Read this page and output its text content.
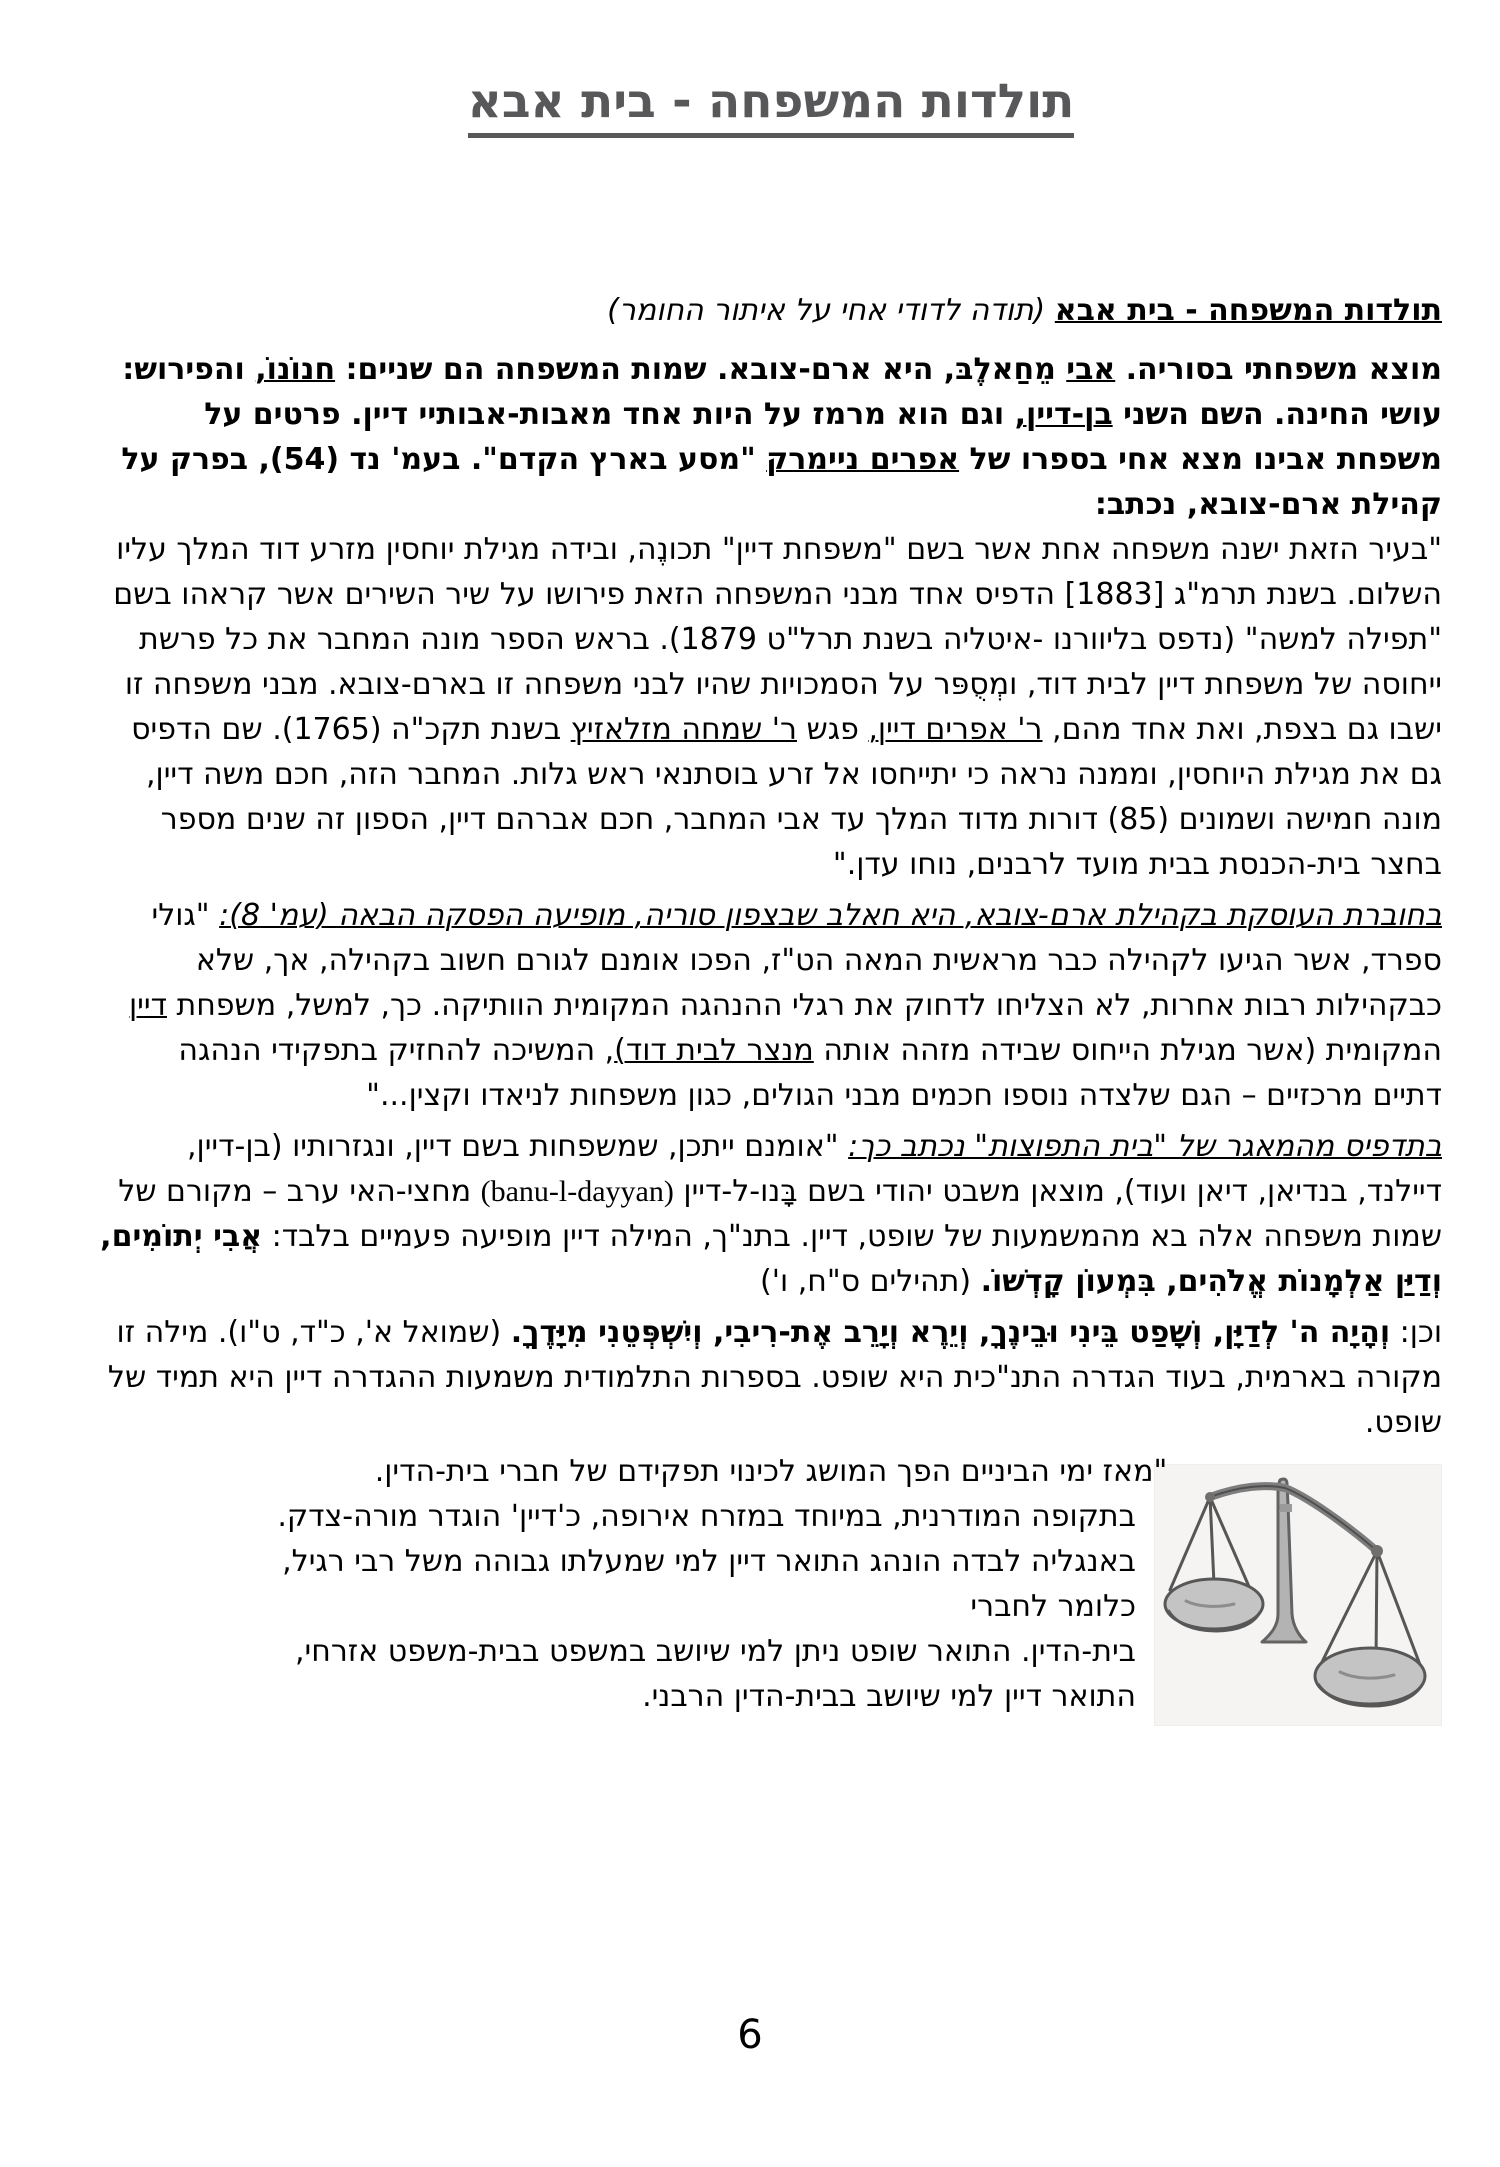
תולדות המשפחה - בית אבא
תולדות המשפחה - בית אבא (תודה לדודי אחי על איתור החומר)

מוצא משפחתי בסוריה. אבי מֵחַאלֶבּ, היא ארם-צובא. שמות המשפחה הם שניים: חנוֹנוֹ, והפירוש: עושי החינה. השם השני בן-דיין, וגם הוא מרמז על היות אחד מאבות-אבותיי דיין. פרטים על משפחת אבינו מצא אחי בספרו של אפרים ניימרק "מסע בארץ הקדם". בעמ' נד (54), בפרק על קהילת ארם-צובא, נכתב:

"בעיר הזאת ישנה משפחה אחת אשר בשם "משפחת דיין" תכונֶה, ובידה מגילת יוחסין מזרע דוד המלך עליו השלום. בשנת תרמ"ג [1883] הדפיס אחד מבני המשפחה הזאת פירושו על שיר השירים אשר קראהו בשם "תפילה למשה" (נדפס בליוורנו -איטליה בשנת תרל"ט 1879). בראש הספר מונה המחבר את כל פרשת ייחוסה של משפחת דיין לבית דוד, ומְסֻפּר על הסמכויות שהיו לבני משפחה זו בארם-צובא. מבני משפחה זו ישבו גם בצפת, ואת אחד מהם, ר' אפרים דיין, פגש ר' שמחה מזלאזיץ בשנת תקכ"ה (1765). שם הדפיס גם את מגילת היוחסין, וממנה נראה כי יתייחסו אל זרע בוסתנאי ראש גלות. המחבר הזה, חכם משה דיין, מונה חמישה ושמונים (85) דורות מדוד המלך עד אבי המחבר, חכם אברהם דיין, הספון זה שנים מספר בחצר בית-הכנסת בבית מועד לרבנים, נוחו עדן."

בחוברת העוסקת בקהילת ארם-צובא, היא חאלב שבצפון סוריה, מופיעה הפסקה הבאה (עמ' 8): "גולי ספרד, אשר הגיעו לקהילה כבר מראשית המאה הט"ז, הפכו אומנם לגורם חשוב בקהילה, אך, שלא כבקהילות רבות אחרות, לא הצליחו לדחוק את רגלי ההנהגה המקומית הוותיקה. כך, למשל, משפחת דיין המקומית (אשר מגילת הייחוס שבידה מזהה אותה מנצר לבית דוד), המשיכה להחזיק בתפקידי הנהגה דתיים מרכזיים – הגם שלצדה נוספו חכמים מבני הגולים, כגון משפחות לניאדו וקצין..."

בתדפיס מהמאגר של "בית התפוצות" נכתב כך: "אומנם ייתכן, שמשפחות בשם דיין, ונגזרותיו (בן-דיין, דיילנד, בנדיאן, דיאן ועוד), מוצאן משבט יהודי בשם בָּנו-ל-דיין (banu-l-dayyan) מחצי-האי ערב – מקורם של שמות משפחה אלה בא מהמשמעות של שופט, דיין. בתנ"ך, המילה דיין מופיעה פעמיים בלבד: אֲבִי יְתוֹמִים, וְדַיַּן אַלְמָנוֹת אֱלֹהִים, בִּמְעוֹן קָדְשׁוֹ. (תהילים ס"ח, ו')

וכן: וְהָיָה ה' לְדַיָּן, וְשָׁפַט בֵּינִי וּבֵינֶךָ, וְיֵרֶא וְיָרֵב אֶת-רִיבִי, וְיִשְׁפְּטֵנִי מִיָּדֶךָ. (שמואל א', כ"ד, ט"ו). מילה זו מקורה בארמית, בעוד הגדרה התנ"כית היא שופט. בספרות התלמודית משמעות ההגדרה דיין היא תמיד של שופט.

"מאז ימי הביניים הפך המושג לכינוי תפקידם של חברי בית-הדין.
בתקופה המודרנית, במיוחד במזרח אירופה, כ'דיין' הוגדר מורה-צדק.
באנגליה לבדה הונהג התואר דיין למי שמעלתו גבוהה משל רבי רגיל,
כלומר לחברי
בית-הדין. התואר שופט ניתן למי שיושב במשפט בבית-משפט אזרחי,
התואר דיין למי שיושב בבית-הדין הרבני.
6
